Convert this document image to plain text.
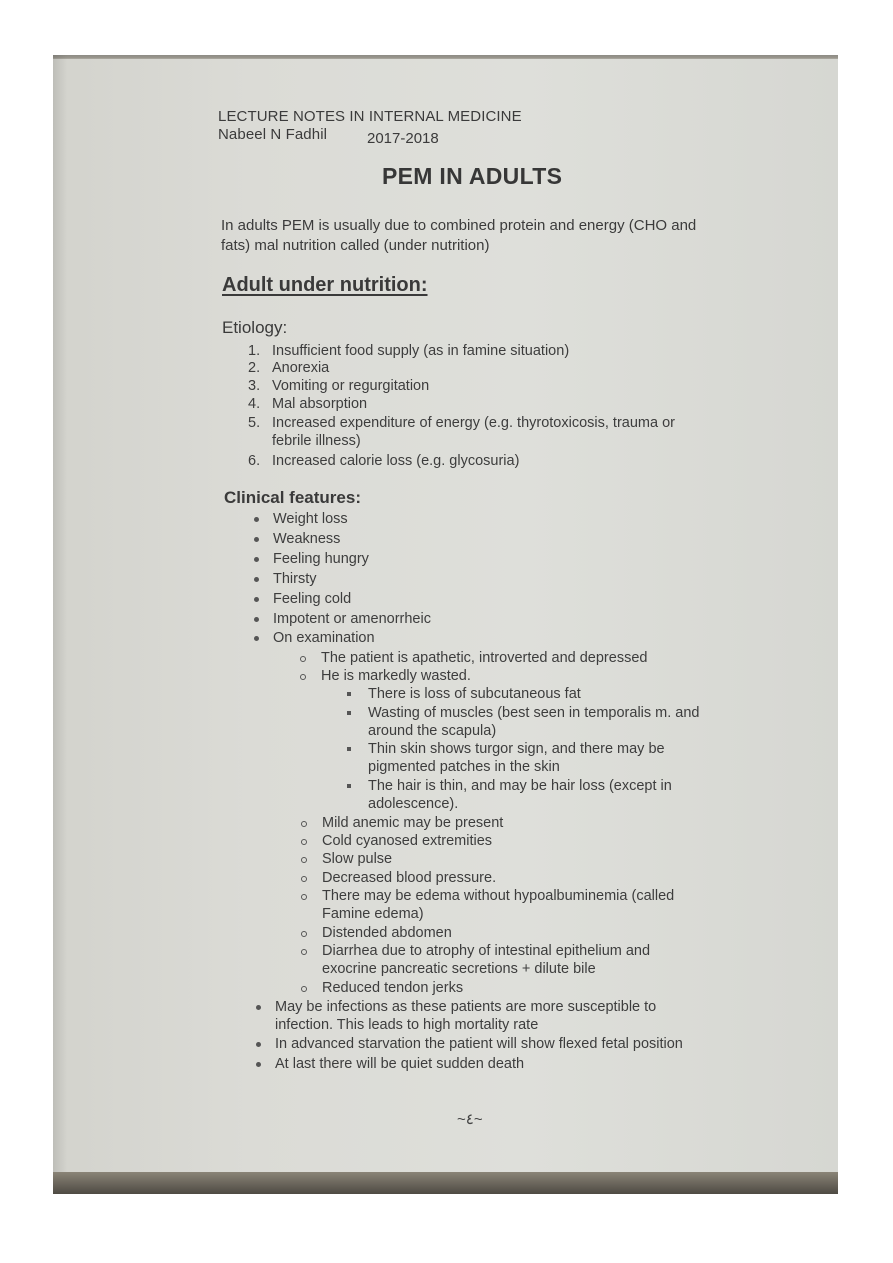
LECTURE NOTES IN INTERNAL MEDICINE
Nabeel N Fadhil	2017-2018
PEM IN ADULTS
In adults PEM is usually due to combined protein and energy (CHO and fats) mal nutrition called (under nutrition)
Adult under nutrition:
Etiology:
1. Insufficient food supply (as in famine situation)
2. Anorexia
3. Vomiting or regurgitation
4. Mal absorption
5. Increased expenditure of energy (e.g. thyrotoxicosis, trauma or febrile illness)
6. Increased calorie loss (e.g. glycosuria)
Clinical features:
Weight loss
Weakness
Feeling hungry
Thirsty
Feeling cold
Impotent or amenorrheic
On examination
The patient is apathetic, introverted and depressed
He is markedly wasted.
There is loss of subcutaneous fat
Wasting of muscles (best seen in temporalis m. and around the scapula)
Thin skin shows turgor sign, and there may be pigmented patches in the skin
The hair is thin, and may be hair loss (except in adolescence).
Mild anemic may be present
Cold cyanosed extremities
Slow pulse
Decreased blood pressure.
There may be edema without hypoalbuminemia (called Famine edema)
Distended abdomen
Diarrhea due to atrophy of intestinal epithelium and exocrine pancreatic secretions + dilute bile
Reduced tendon jerks
May be infections as these patients are more susceptible to infection. This leads to high mortality rate
In advanced starvation the patient will show flexed fetal position
At last there will be quiet sudden death
~٤~
